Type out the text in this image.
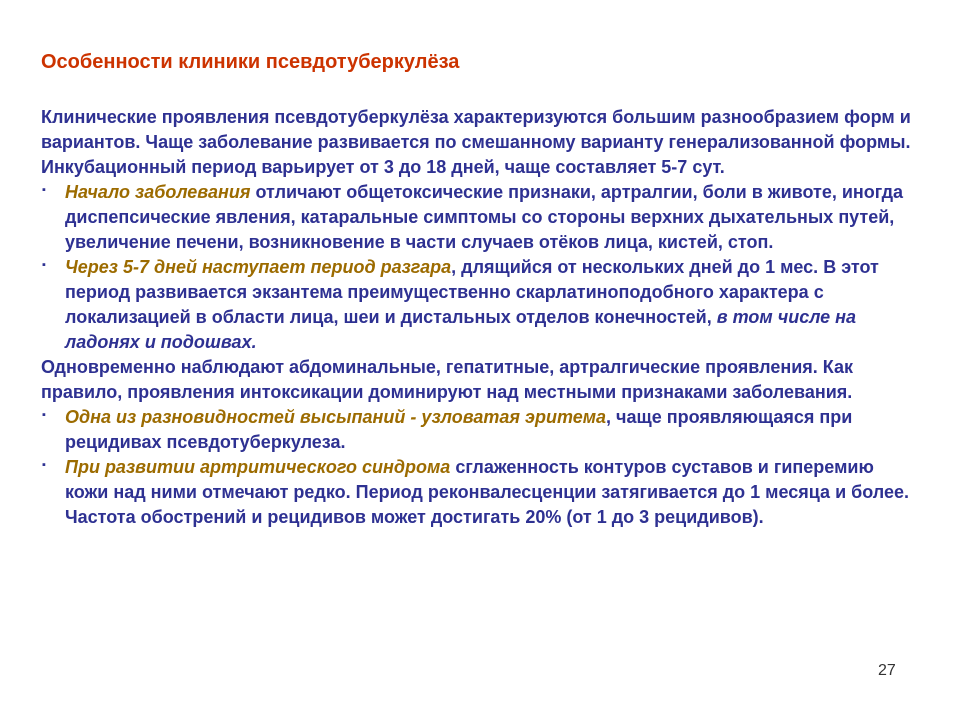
Особенности клиники псевдотуберкулёза

Клинические проявления псевдотуберкулёза характеризуются большим разнообразием форм и вариантов. Чаще заболевание развивается по смешанному варианту генерализованной формы. Инкубационный период варьирует от 3 до 18 дней, чаще составляет 5-7 сут.

▪ Начало заболевания отличают общетоксические признаки, артралгии, боли в животе, иногда диспепсические явления, катаральные симптомы со стороны верхних дыхательных путей, увеличение печени, возникновение в части случаев отёков лица, кистей, стоп.

▪ Через 5-7 дней наступает период разгара, длящийся от нескольких дней до 1 мес. В этот период развивается экзантема преимущественно скарлатиноподобного характера с локализацией в области лица, шеи и дистальных отделов конечностей, в том числе на ладонях и подошвах.

Одновременно наблюдают абдоминальные, гепатитные, артралгические проявления. Как правило, проявления интоксикации доминируют над местными признаками заболевания.

▪ Одна из разновидностей высыпаний - узловатая эритема, чаще проявляющаяся при рецидивах псевдотуберкулеза.

▪ При развитии артритического синдрома сглаженность контуров суставов и гиперемию кожи над ними отмечают редко. Период реконвалесценции затягивается до 1 месяца и более. Частота обострений и рецидивов может достигать 20% (от 1 до 3 рецидивов).

27
